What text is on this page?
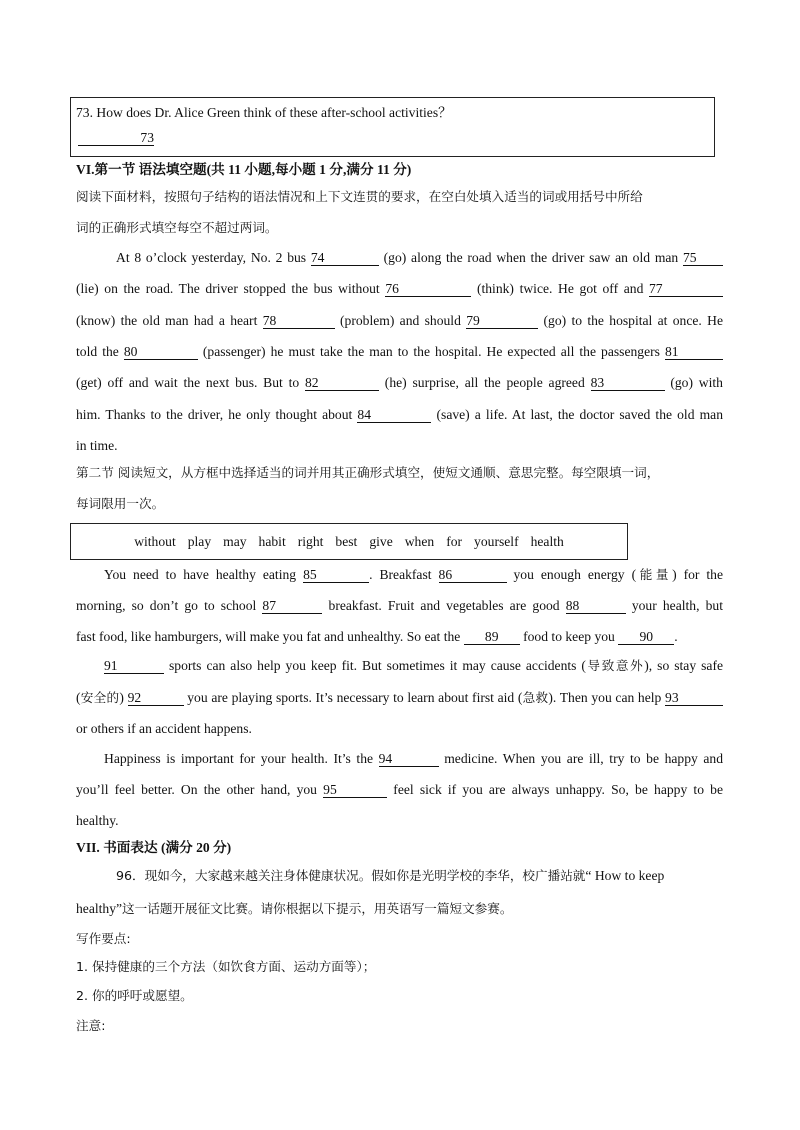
73. How does Dr. Alice Green think of these after-school activities？
73
VI.第一节 语法填空题(共 11 小题,每小题 1 分,满分 11 分)
阅读下面材料，按照句子结构的语法情况和上下文连贯的要求，在空白处填入适当的词或用括号中所给
词的正确形式填空每空不超过两词。
At 8 o’clock yesterday, No. 2 bus 74	(go) along the road when the driver saw an old man 75
(lie) on the road. The driver stopped the bus without 76	(think) twice. He got off and 77
(know) the old man had a heart 78	(problem) and should 79	(go) to the hospital at once. He
told the 80	(passenger) he must take the man to the hospital. He expected all the passengers 81
(get) off and wait the next bus. But to 82	(he) surprise, all the people agreed 83	(go) with
him. Thanks to the driver, he only thought about 84	(save) a life. At last, the doctor saved the old man
in time.
第二节 阅读短文，从方框中选择适当的词并用其正确形式填空，使短文通顺、意思完整。每空限填一词，
每词限用一次。
without play may habit right best give when for yourself health
You need to have healthy eating 85	. Breakfast 86	you enough energy (能量) for the
morning, so don’t go to school 87	breakfast. Fruit and vegetables are good 88	your health, but
fast food, like hamburgers, will make you fat and unhealthy. So eat the 89 food to keep you 90 .
91	sports can also help you keep fit. But sometimes it may cause accidents (导致意外), so stay safe
(安全的) 92	you are playing sports. It’s necessary to learn about first aid (急救). Then you can help 93
or others if an accident happens.
Happiness is important for your health. It’s the 94	medicine. When you are ill, try to be happy and
you’ll feel better. On the other hand, you 95	feel sick if you are always unhappy. So, be happy to be
healthy.
VII. 书面表达 (满分 20 分)
96．现如今，大家越来越关注身体健康状况。假如你是光明学校的李华，校广播站就“ How to keep
healthy”这一话题开展征文比赛。请你根据以下提示，用英语写一篇短文参赛。
写作要点:
1. 保持健康的三个方法（如饮食方面、运动方面等）；
2. 你的呼吁或愿望。
注意:
